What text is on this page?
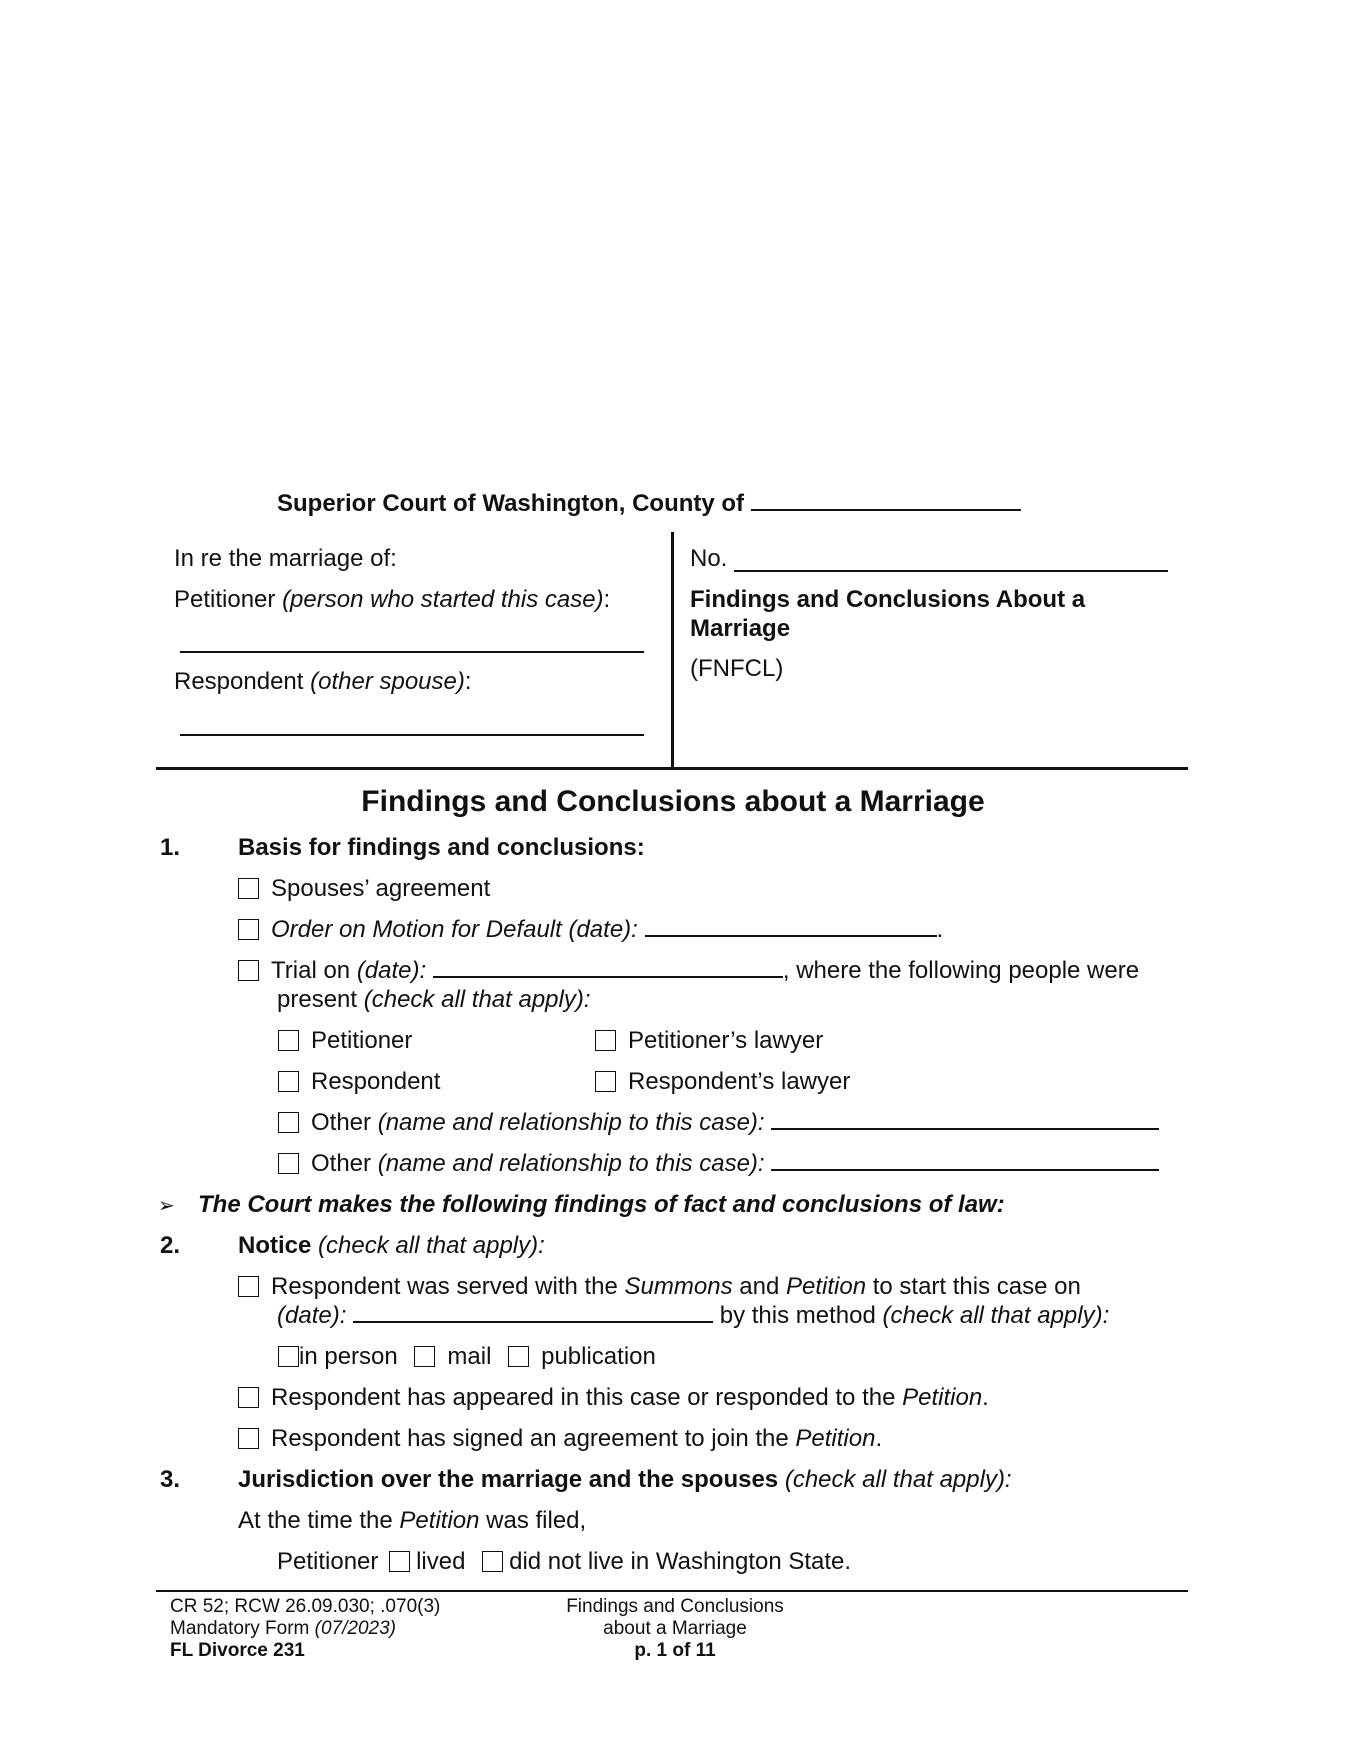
Superior Court of Washington, County of
In re the marriage of:
Petitioner (person who started this case):
Respondent (other spouse):
No.
Findings and Conclusions About a
Marriage
(FNFCL)
Findings and Conclusions about a Marriage
1. Basis for findings and conclusions:
Spouses’ agreement
Order on Motion for Default (date):	.
Trial on (date):	, where the following people were
present (check all that apply):
Petitioner	Petitioner’s lawyer
Respondent	Respondent’s lawyer
Other (name and relationship to this case):
Other (name and relationship to this case):
➢ The Court makes the following findings of fact and conclusions of law:
2. Notice (check all that apply):
Respondent was served with the Summons and Petition to start this case on
(date):	by this method (check all that apply):
in person mail publication
Respondent has appeared in this case or responded to the Petition.
Respondent has signed an agreement to join the Petition.
3. Jurisdiction over the marriage and the spouses (check all that apply):
At the time the Petition was filed,
Petitioner lived did not live in Washington State.
CR 52; RCW 26.09.030; .070(3)
Mandatory Form (07/2023)
FL Divorce 231
Findings and Conclusions
about a Marriage
p. 1 of 11
